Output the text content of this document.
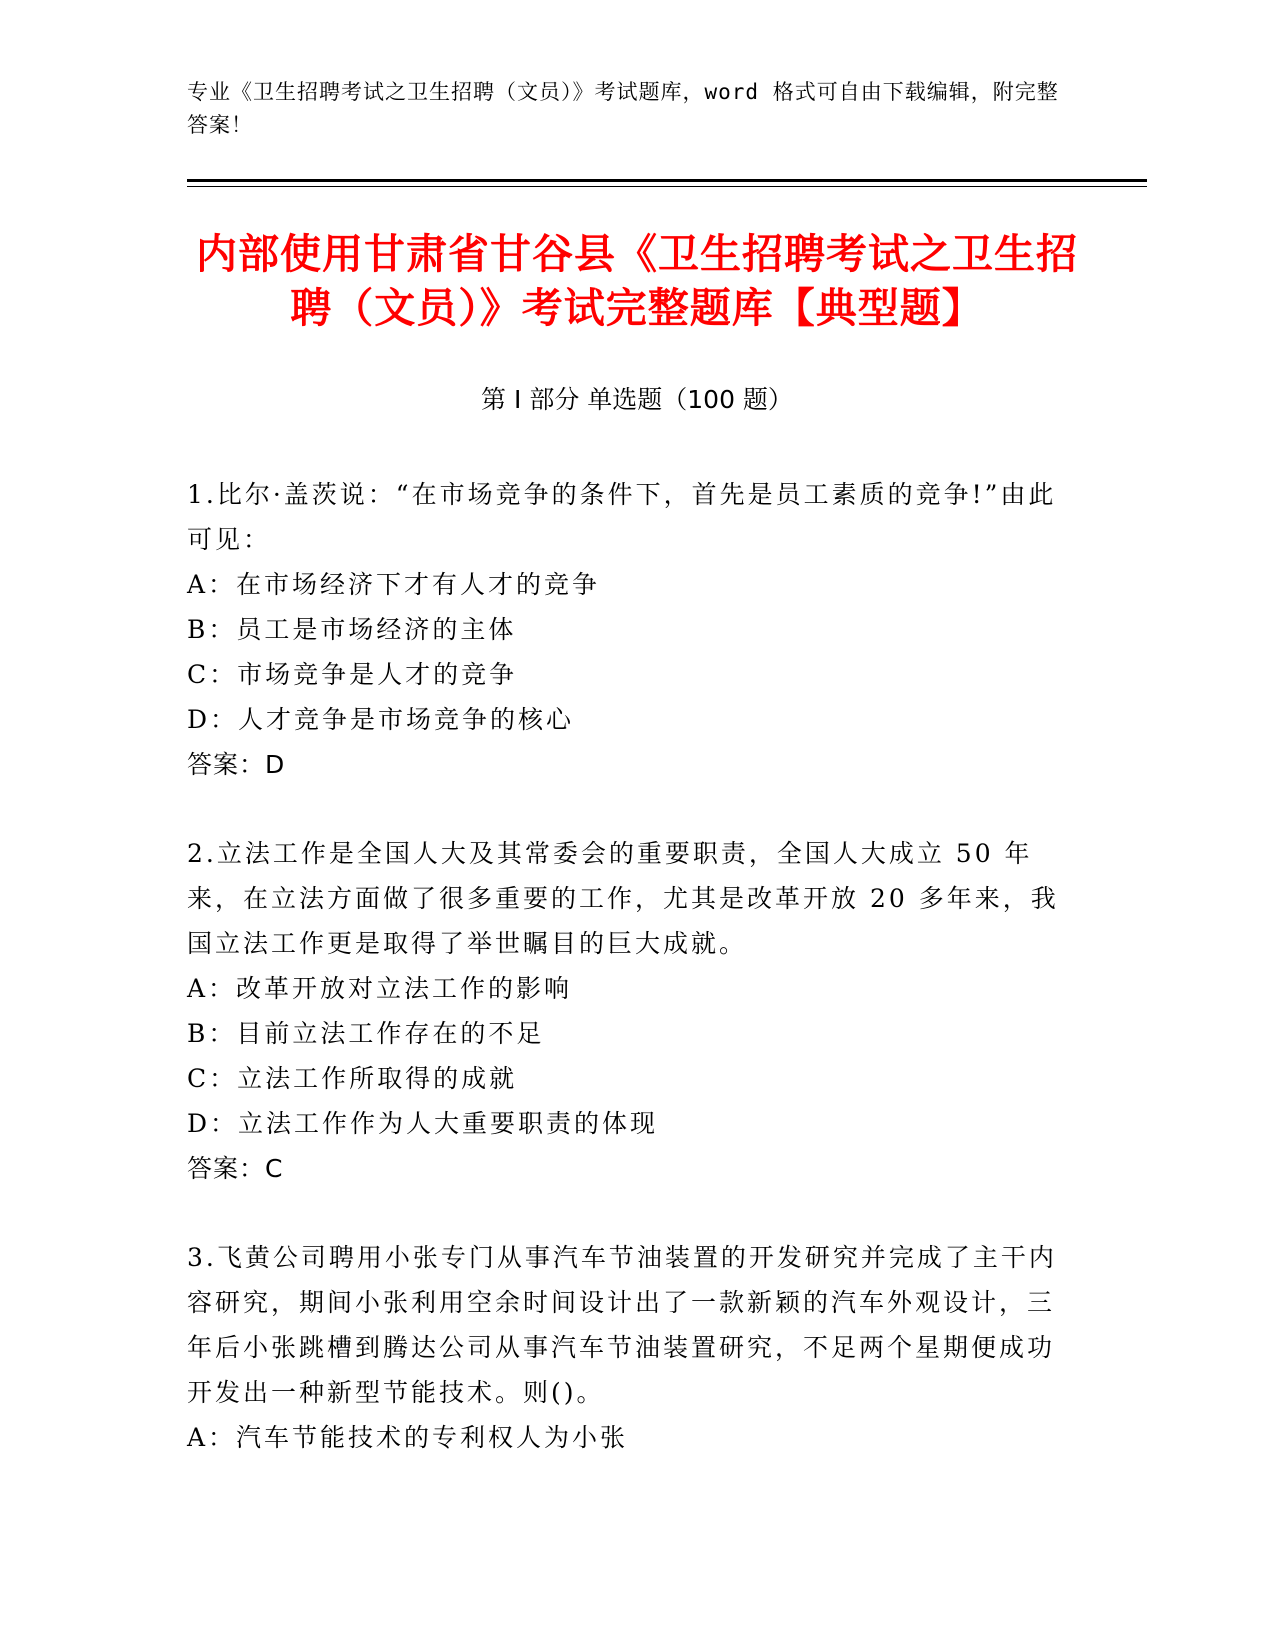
专业《卫生招聘考试之卫生招聘（文员）》考试题库，word 格式可自由下载编辑，附完整答案！
内部使用甘肃省甘谷县《卫生招聘考试之卫生招聘（文员）》考试完整题库【典型题】
第 I 部分 单选题（100 题）
1.比尔·盖茨说：“在市场竞争的条件下，首先是员工素质的竞争!”由此可见：
A：在市场经济下才有人才的竞争
B：员工是市场经济的主体
C：市场竞争是人才的竞争
D：人才竞争是市场竞争的核心
答案：D
2.立法工作是全国人大及其常委会的重要职责，全国人大成立 50 年来，在立法方面做了很多重要的工作，尤其是改革开放 20 多年来，我国立法工作更是取得了举世瞩目的巨大成就。
A：改革开放对立法工作的影响
B：目前立法工作存在的不足
C：立法工作所取得的成就
D：立法工作作为人大重要职责的体现
答案：C
3.飞黄公司聘用小张专门从事汽车节油装置的开发研究并完成了主干内容研究，期间小张利用空余时间设计出了一款新颖的汽车外观设计，三年后小张跳槽到腾达公司从事汽车节油装置研究，不足两个星期便成功开发出一种新型节能技术。则()。
A：汽车节能技术的专利权人为小张
